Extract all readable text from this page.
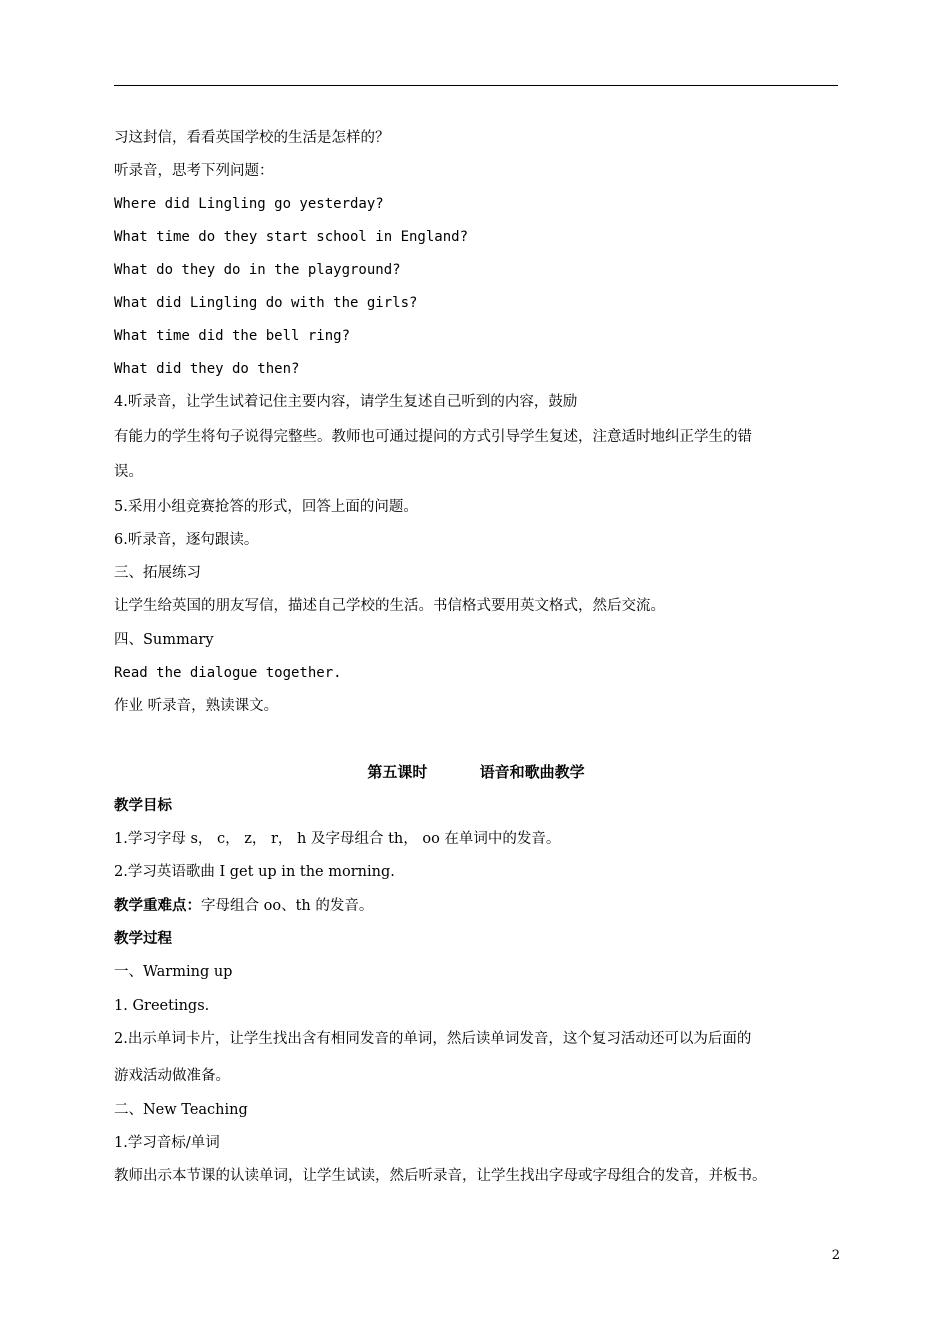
习这封信，看看英国学校的生活是怎样的？
听录音，思考下列问题：
Where did Lingling go yesterday?
What time do they start school in England?
What do they do in the playground?
What did Lingling do with the girls?
What time did the bell ring?
What did they do then?
4.听录音，让学生试着记住主要内容，请学生复述自己听到的内容，鼓励
有能力的学生将句子说得完整些。教师也可通过提问的方式引导学生复述，注意适时地纠正学生的错
误。
5.采用小组竞赛抢答的形式，回答上面的问题。
6.听录音，逐句跟读。
三、拓展练习
让学生给英国的朋友写信，描述自己学校的生活。书信格式要用英文格式，然后交流。
四、Summary
Read the dialogue together.
作业 听录音，熟读课文。
第五课时          语音和歌曲教学
教学目标
1.学习字母 s， c， z， r， h 及字母组合 th， oo 在单词中的发音。
2.学习英语歌曲 I get up in the morning.
教学重难点：字母组合 oo、th 的发音。
教学过程
一、Warming up
1. Greetings.
2.出示单词卡片，让学生找出含有相同发音的单词，然后读单词发音，这个复习活动还可以为后面的
游戏活动做准备。
二、New Teaching
1.学习音标/单词
教师出示本节课的认读单词，让学生试读，然后听录音，让学生找出字母或字母组合的发音，并板书。
2
